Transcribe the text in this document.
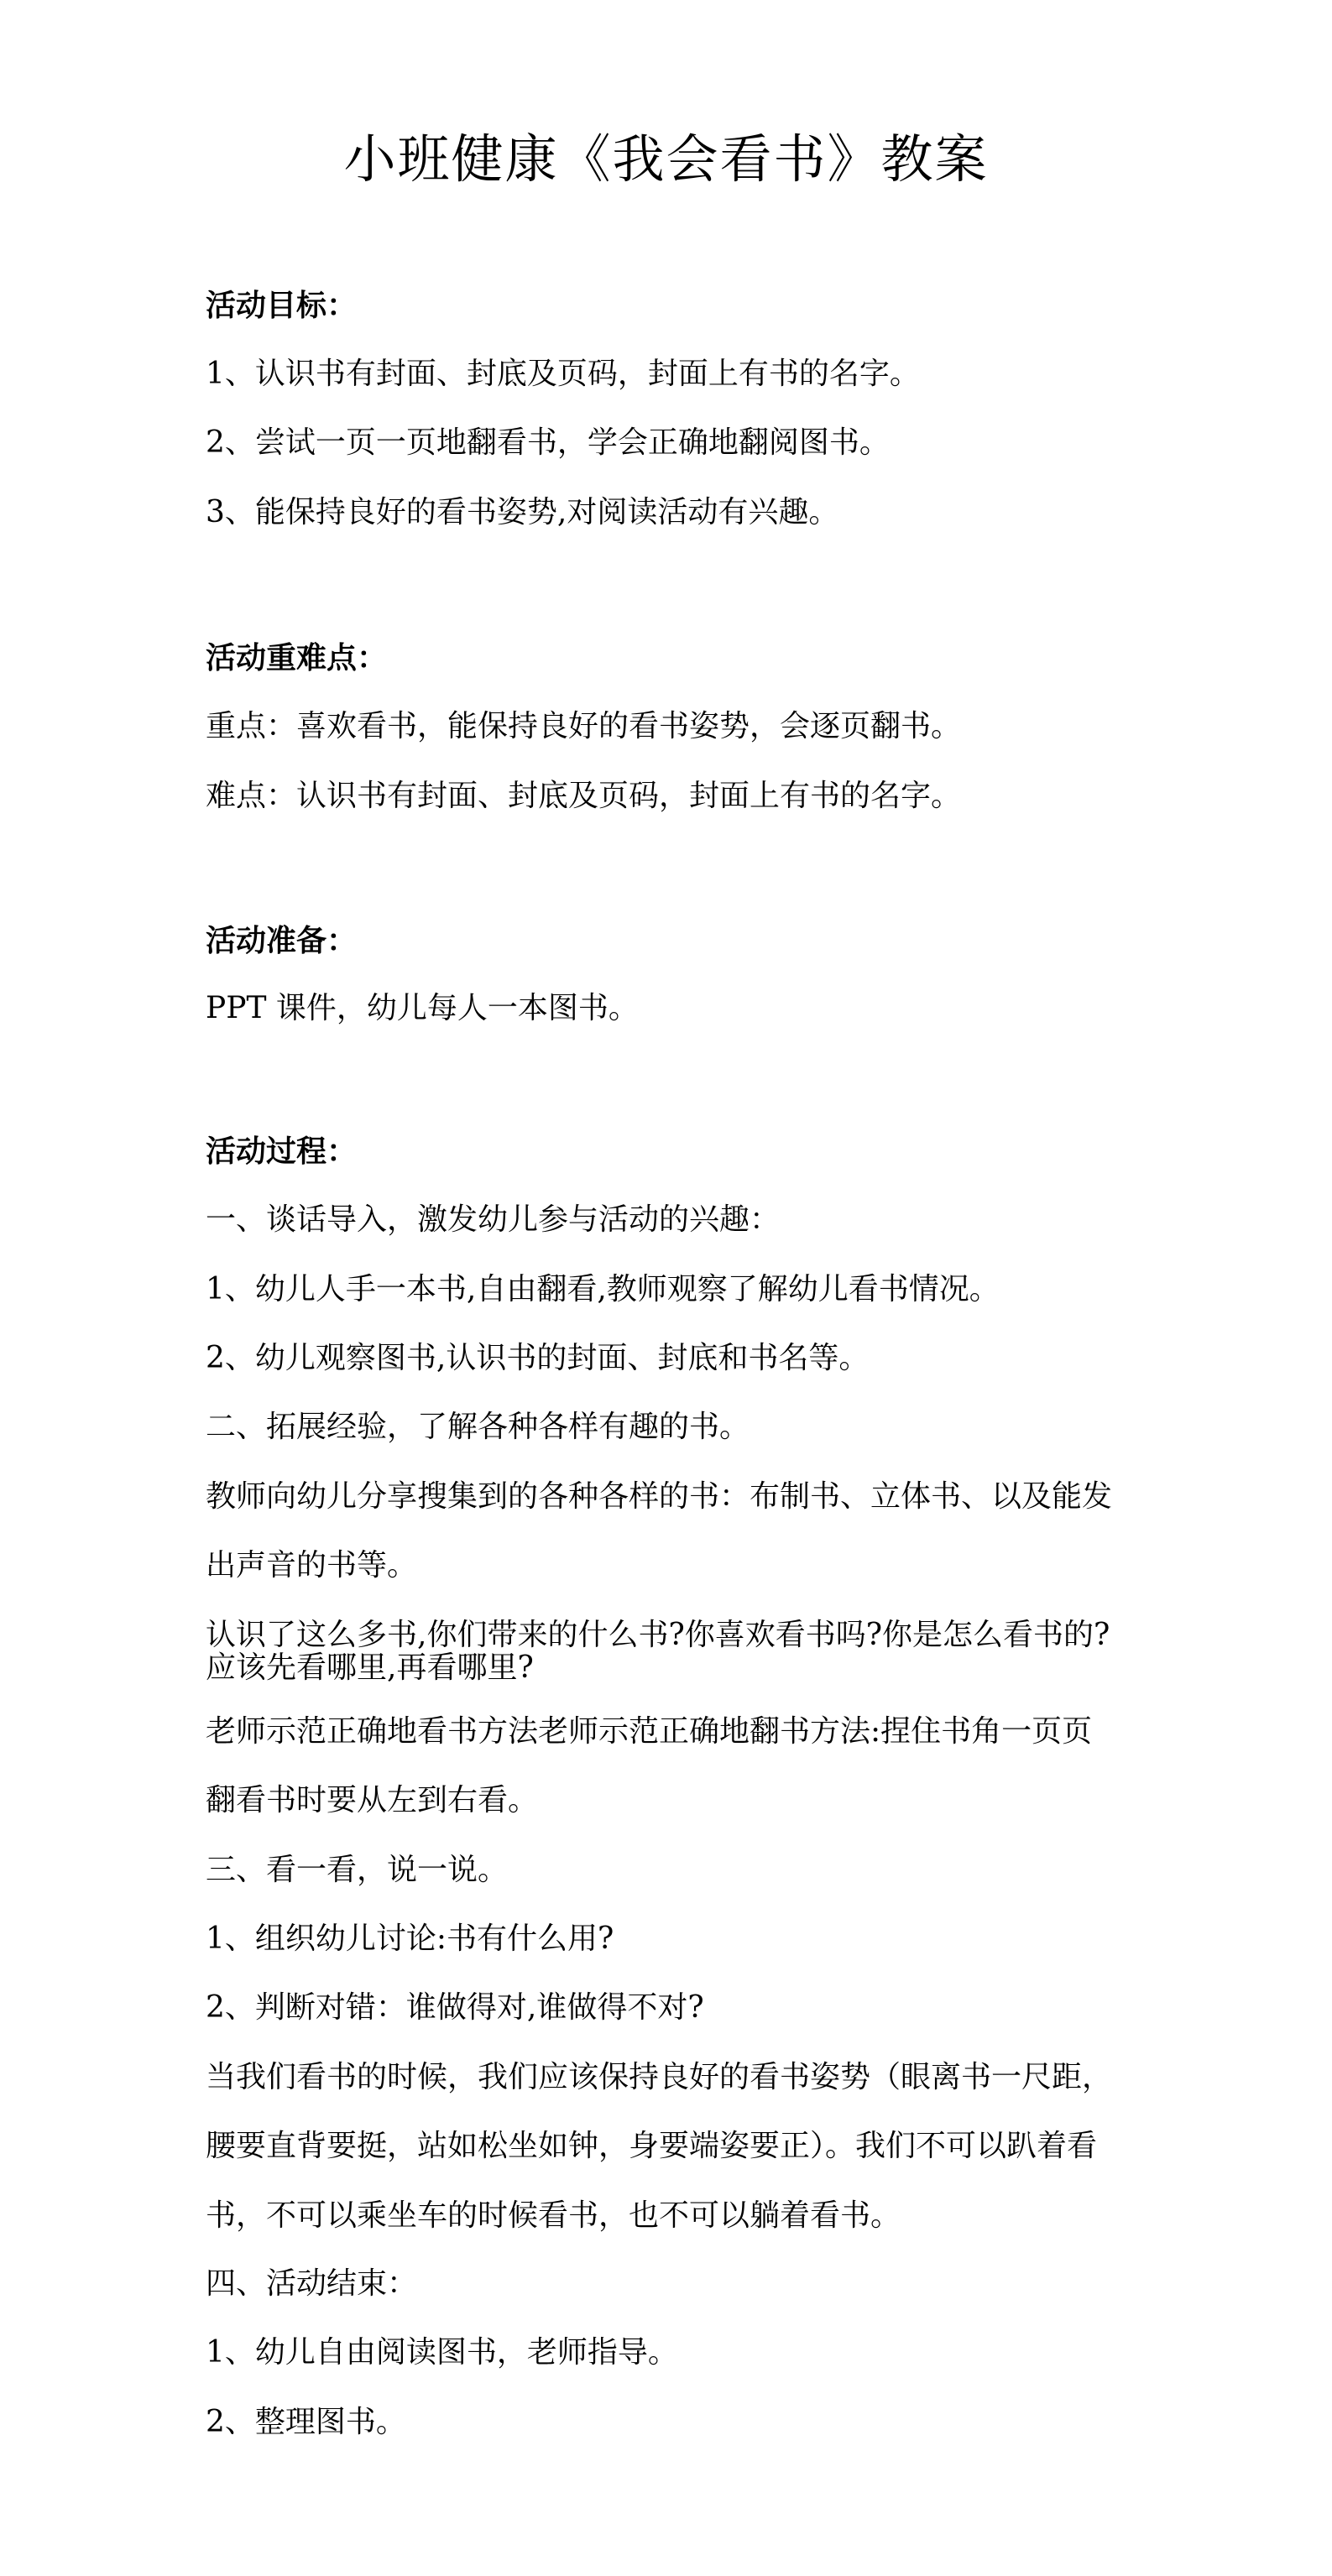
小班健康《我会看书》教案
活动目标：
1、认识书有封面、封底及页码，封面上有书的名字。
2、尝试一页一页地翻看书，学会正确地翻阅图书。
3、能保持良好的看书姿势,对阅读活动有兴趣。
活动重难点：
重点：喜欢看书，能保持良好的看书姿势，会逐页翻书。
难点：认识书有封面、封底及页码，封面上有书的名字。
活动准备：
PPT 课件，幼儿每人一本图书。
活动过程：
一、谈话导入，激发幼儿参与活动的兴趣：
1、幼儿人手一本书,自由翻看,教师观察了解幼儿看书情况。
2、幼儿观察图书,认识书的封面、封底和书名等。
二、拓展经验，了解各种各样有趣的书。
教师向幼儿分享搜集到的各种各样的书：布制书、立体书、以及能发
出声音的书等。
认识了这么多书,你们带来的什么书?你喜欢看书吗?你是怎么看书的?
应该先看哪里,再看哪里?
老师示范正确地看书方法老师示范正确地翻书方法:捏住书角一页页
翻看书时要从左到右看。
三、看一看，说一说。
1、组织幼儿讨论:书有什么用?
2、判断对错：谁做得对,谁做得不对?
当我们看书的时候，我们应该保持良好的看书姿势（眼离书一尺距，
腰要直背要挺，站如松坐如钟，身要端姿要正）。我们不可以趴着看
书，不可以乘坐车的时候看书，也不可以躺着看书。
四、活动结束：
1、幼儿自由阅读图书，老师指导。
2、整理图书。
